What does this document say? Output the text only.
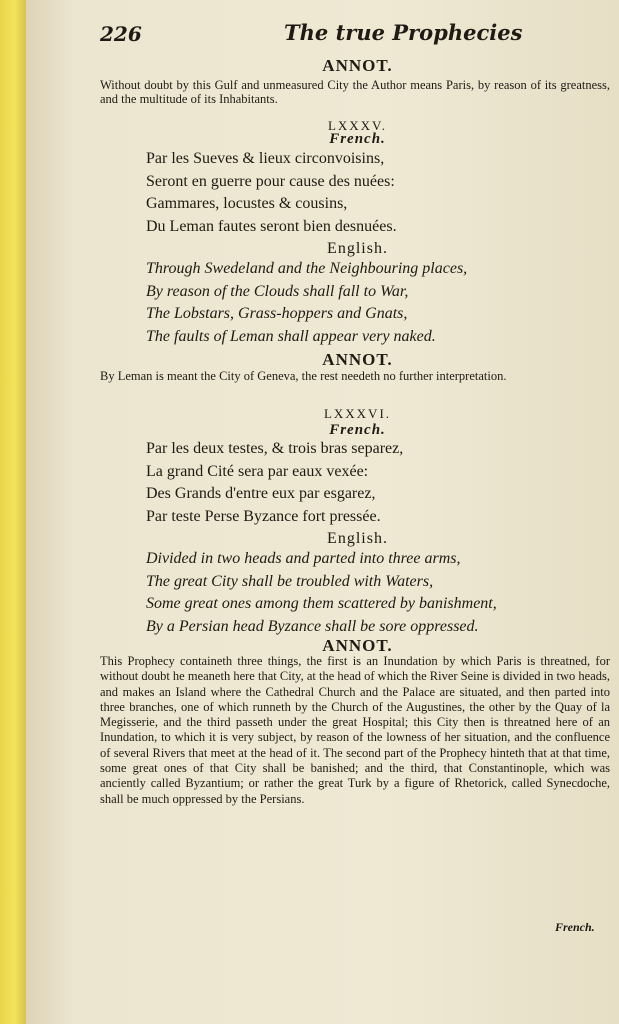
226	The true Prophecies
ANNOT.
Without doubt by this Gulf and unmeasured City the Author means Paris, by reason of its greatness, and the multitude of its Inhabitants.
LXXXV.
French.
Par les Sueves & lieux circonvoisins,
Seront en guerre pour cause des nuées:
Gammares, locustes & cousins,
Du Leman fautes seront bien desnuées.
English.
Through Swedeland and the Neighbouring places,
By reason of the Clouds shall fall to War,
The Lobstars, Grass-hoppers and Gnats,
The faults of Leman shall appear very naked.
ANNOT.
By Leman is meant the City of Geneva, the rest needeth no further interpretation.
LXXXVI.
French.
Par les deux testes, & trois bras separez,
La grand Cité sera par eaux vexée:
Des Grands d'entre eux par esgarez,
Par teste Perse Byzance fort pressée.
English.
Divided in two heads and parted into three arms,
The great City shall be troubled with Waters,
Some great ones among them scattered by banishment,
By a Persian head Byzance shall be sore oppressed.
ANNOT.
This Prophecy containeth three things, the first is an Inundation by which Paris is threatned, for without doubt he meaneth here that City, at the head of which the River Seine is divided in two heads, and makes an Island where the Cathedral Church and the Palace are situated, and then parted into three branches, one of which runneth by the Church of the Augustines, the other by the Quay of la Megisserie, and the third passeth under the great Hospital; this City then is threatned here of an Inundation, to which it is very subject, by reason of the lowness of her situation, and the confluence of several Rivers that meet at the head of it. The second part of the Prophecy hinteth that at that time, some great ones of that City shall be banished; and the third, that Constantinople, which was anciently called Byzantium; or rather the great Turk by a figure of Rhetorick, called Synecdoche, shall be much oppressed by the Persians.
French.
